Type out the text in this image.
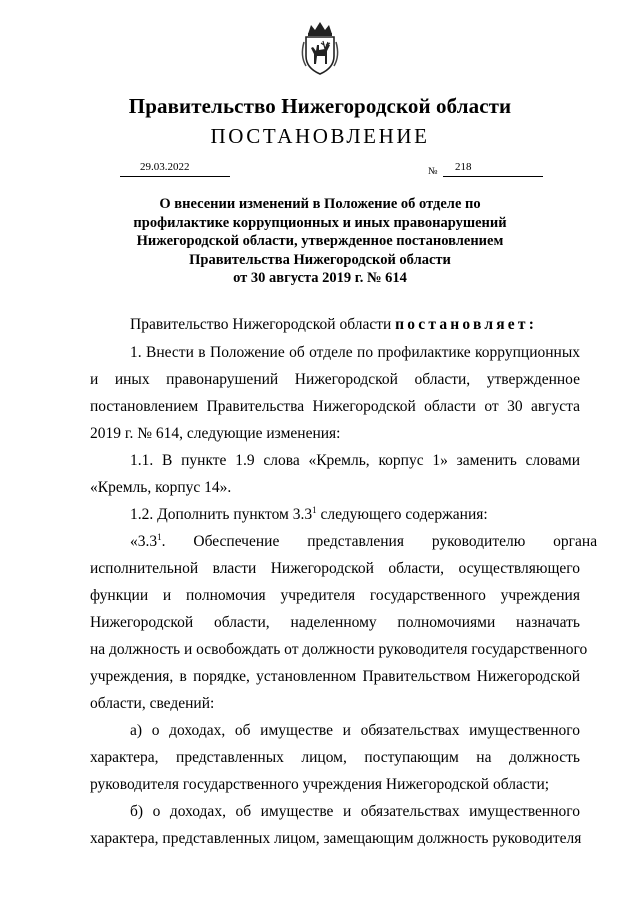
Правительство Нижегородской области
ПОСТАНОВЛЕНИЕ
29.03.2022	№ 218
О внесении изменений в Положение об отделе по
профилактике коррупционных и иных правонарушений
Нижегородской области, утвержденное постановлением
Правительства Нижегородской области
от 30 августа 2019 г. № 614
Правительство Нижегородской области постановляет:
1. Внести в Положение об отделе по профилактике коррупционных
и иных правонарушений Нижегородской области, утвержденное
постановлением Правительства Нижегородской области от 30 августа
2019 г. № 614, следующие изменения:
1.1. В пункте 1.9 слова «Кремль, корпус 1» заменить словами
«Кремль, корпус 14».
1.2. Дополнить пунктом $3.3^1$ следующего содержания:
«$3.3^1$. Обеспечение представления руководителю органа
исполнительной власти Нижегородской области, осуществляющего
функции и полномочия учредителя государственного учреждения
Нижегородской области, наделенному полномочиями назначать
на должность и освобождать от должности руководителя государственного
учреждения, в порядке, установленном Правительством Нижегородской
области, сведений:
а) о доходах, об имуществе и обязательствах имущественного
характера, представленных лицом, поступающим на должность
руководителя государственного учреждения Нижегородской области;
б) о доходах, об имуществе и обязательствах имущественного
характера, представленных лицом, замещающим должность руководителя
